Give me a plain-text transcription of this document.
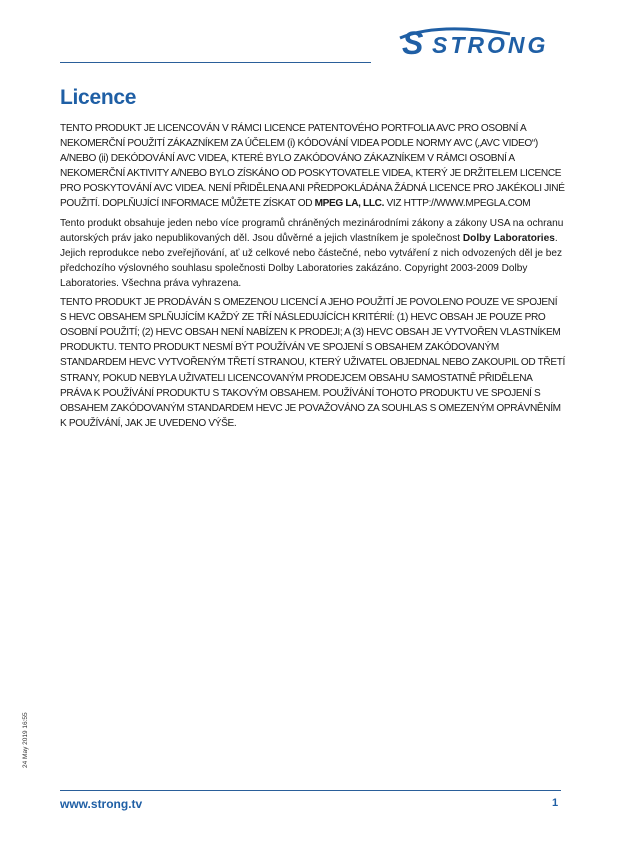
S STRONG
Licence

TENTO PRODUKT JE LICENCOVÁN V RÁMCI LICENCE PATENTOVÉHO PORTFOLIA AVC PRO OSOBNÍ A NEKOMERČNÍ POUŽITÍ ZÁKAZNÍKEM ZA ÚČELEM (i) KÓDOVÁNÍ VIDEA PODLE NORMY AVC („AVC VIDEO“) A/NEBO (ii) DEKÓDOVÁNÍ AVC VIDEA, KTERÉ BYLO ZAKÓDOVÁNO ZÁKAZNÍKEM V RÁMCI OSOBNÍ A NEKOMERČNÍ AKTIVITY A/NEBO BYLO ZÍSKÁNO OD POSKYTOVATELE VIDEA, KTERÝ JE DRŽITELEM LICENCE PRO POSKYTOVÁNÍ AVC VIDEA. NENÍ PŘIDĚLENA ANI PŘEDPOKLÁDÁNA ŽÁDNÁ LICENCE PRO JAKÉKOLI JINÉ POUŽITÍ. DOPLŇUJÍCÍ INFORMACE MŮŽETE ZÍSKAT OD MPEG LA, LLC. VIZ HTTP://WWW.MPEGLA.COM

Tento produkt obsahuje jeden nebo více programů chráněných mezinárodními zákony a zákony USA na ochranu autorských práv jako nepublikovaných děl. Jsou důvěrné a jejich vlastníkem je společnost Dolby Laboratories. Jejich reprodukce nebo zveřejňování, ať už celkové nebo částečné, nebo vytváření z nich odvozených děl je bez předchozího výslovného souhlasu společnosti Dolby Laboratories zakázáno. Copyright 2003-2009 Dolby Laboratories. Všechna práva vyhrazena.

TENTO PRODUKT JE PRODÁVÁN S OMEZENOU LICENCÍ A JEHO POUŽITÍ JE POVOLENO POUZE VE SPOJENÍ S HEVC OBSAHEM SPLŇUJÍCÍM KAŽDÝ ZE TŘÍ NÁSLEDUJÍCÍCH KRITÉRIÍ: (1) HEVC OBSAH JE POUZE PRO OSOBNÍ POUŽITÍ; (2) HEVC OBSAH NENÍ NABÍZEN K PRODEJI; A (3) HEVC OBSAH JE VYTVOŘEN VLASTNÍKEM PRODUKTU. TENTO PRODUKT NESMÍ BÝT POUŽÍVÁN VE SPOJENÍ S OBSAHEM ZAKÓDOVANÝM STANDARDEM HEVC VYTVOŘENÝM TŘETÍ STRANOU, KTERÝ UŽIVATEL OBJEDNAL NEBO ZAKOUPIL OD TŘETÍ STRANY, POKUD NEBYLA UŽIVATELI LICENCOVANÝM PRODEJCEM OBSAHU SAMOSTATNĚ PŘIDĚLENA PRÁVA K POUŽÍVÁNÍ PRODUKTU S TAKOVÝM OBSAHEM. POUŽÍVÁNÍ TOHOTO PRODUKTU VE SPOJENÍ S OBSAHEM ZAKÓDOVANÝM STANDARDEM HEVC JE POVAŽOVÁNO ZA SOUHLAS S OMEZENÝM OPRÁVNĚNÍM K POUŽÍVÁNÍ, JAK JE UVEDENO VÝŠE.

24 May 2019 16:55
www.strong.tv	1
